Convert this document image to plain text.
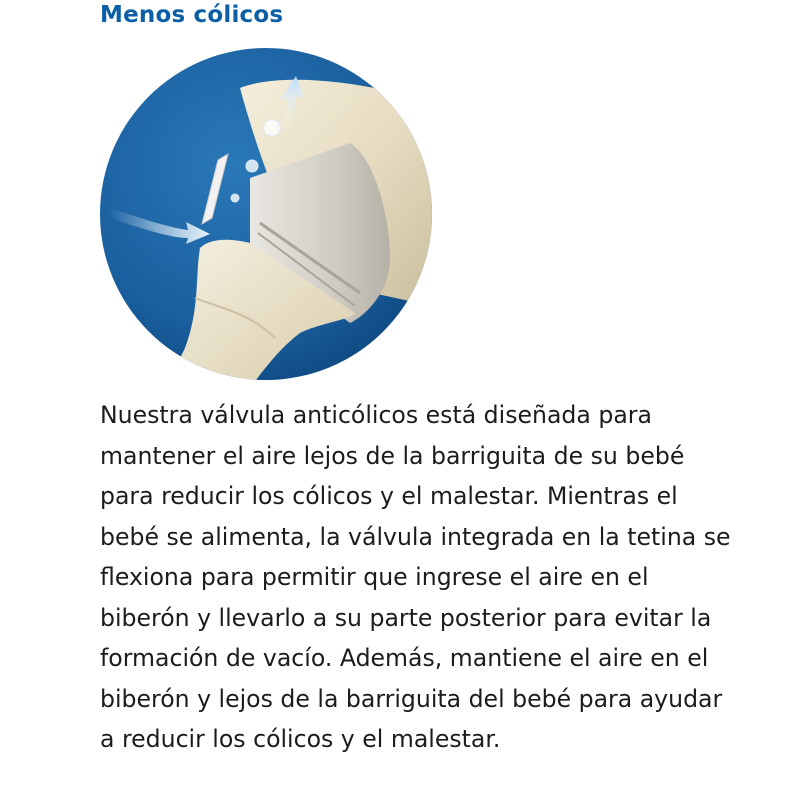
Menos cólicos

Nuestra válvula anticólicos está diseñada para mantener el aire lejos de la barriguita de su bebé para reducir los cólicos y el malestar. Mientras el bebé se alimenta, la válvula integrada en la tetina se flexiona para permitir que ingrese el aire en el biberón y llevarlo a su parte posterior para evitar la formación de vacío. Además, mantiene el aire en el biberón y lejos de la barriguita del bebé para ayudar a reducir los cólicos y el malestar.
